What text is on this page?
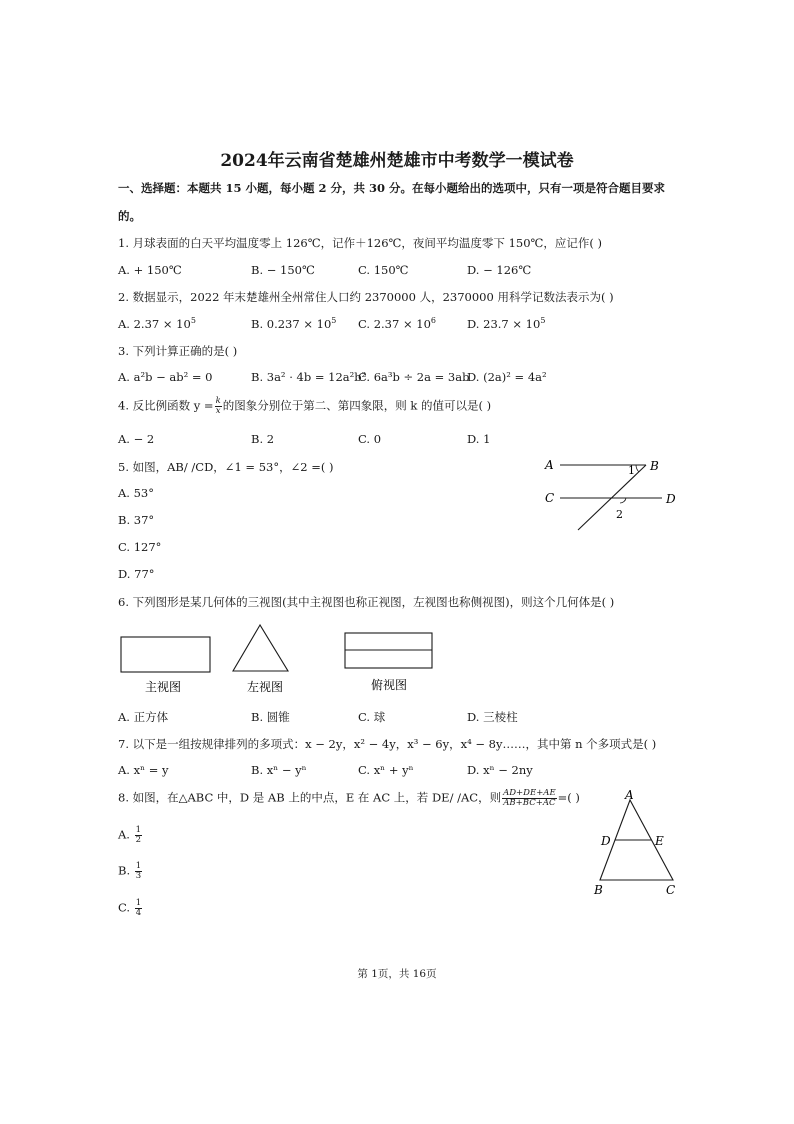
2024年云南省楚雄州楚雄市中考数学一模试卷
一、选择题：本题共 15 小题，每小题 2 分，共 30 分。在每小题给出的选项中，只有一项是符合题目要求
的。
1. 月球表面的白天平均温度零上 126℃，记作＋126℃，夜间平均温度零下 150℃，应记作( )
A. + 150℃	B. − 150℃	C. 150℃	D. − 126℃
2. 数据显示，2022 年末楚雄州全州常住人口约 2370000 人，2370000 用科学记数法表示为( )
A. $2.37 \times 10^5$	B. $0.237 \times 10^5$ C. $2.37 \times 10^6$	D. $23.7 \times 10^5$
3. 下列计算正确的是( )
A. a²b − ab² = 0	B. 3a² · 4b = 12a²b²
C. 6a³b ÷ 2a = 3ab
D. (2a)² = 4a²
4. 反比例函数 $y = \frac{k}{x}$ 的图象分别位于第二、第四象限，则 k 的值可以是( )
A. − 2	B. 2	C. 0	D. 1
5. 如图，AB/ /CD，∠1 = 53°，∠2 =( )
A. 53°
B. 37°
C. 127°
D. 77°
A	B
C	D
1
2
6. 下列图形是某几何体的三视图(其中主视图也称正视图，左视图也称侧视图)，则这个几何体是( )
主视图	左视图	俯视图
A. 正方体	B. 圆锥	C. 球	D. 三棱柱
7. 以下是一组按规律排列的多项式：x − 2y，x² − 4y，x³ − 6y，x⁴ − 8y……，其中第 n 个多项式是( )
A. xⁿ = y	B. xⁿ − yⁿ	C. xⁿ + yⁿ	D. xⁿ − 2ny
8. 如图，在△ABC 中，D 是 AB 上的中点，E 在 AC 上，若 DE/ /AC，则 $\frac{AD+DE+AE}{AB+BC+AC}$ =( )
A. $\frac{1}{2}$
B. $\frac{1}{3}$
C. $\frac{1}{4}$
A
D	E
B	C
第 1页，共 16页
